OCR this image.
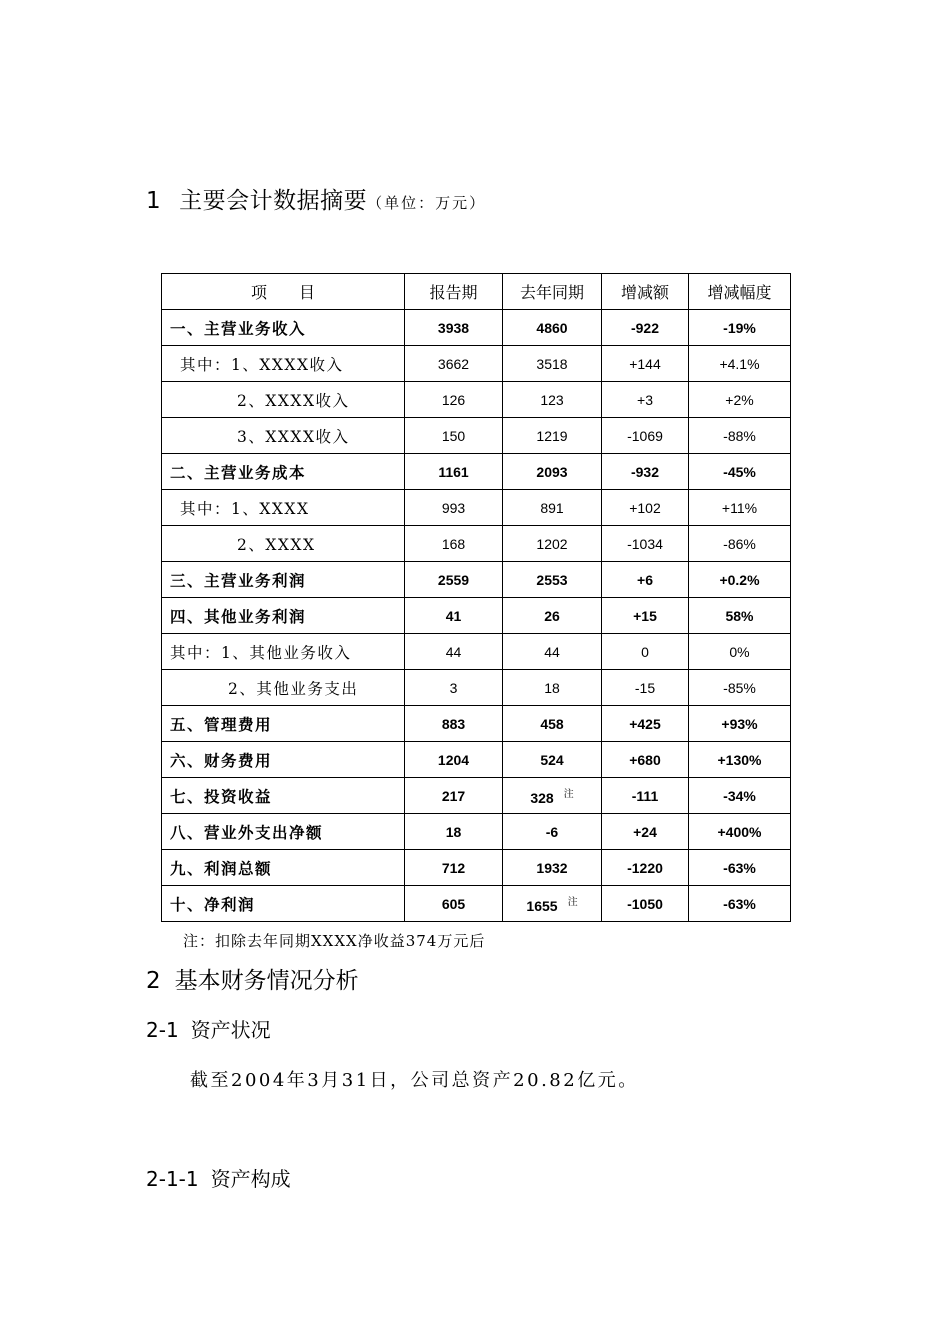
1 主要会计数据摘要（单位：万元）
项　　目	报告期	去年同期	增减额	增减幅度
一、主营业务收入	3938	4860	-922	-19%
其中：1、XXXX收入	3662	3518	+144	+4.1%
2、XXXX收入	126	123	+3	+2%
3、XXXX收入	150	1219	-1069	-88%
二、主营业务成本	1161	2093	-932	-45%
其中：1、XXXX	993	891	+102	+11%
2、XXXX	168	1202	-1034	-86%
三、主营业务利润	2559	2553	+6	+0.2%
四、其他业务利润	41	26	+15	58%
其中：1、其他业务收入	44	44	0	0%
2、其他业务支出	3	18	-15	-85%
五、管理费用	883	458	+425	+93%
六、财务费用	1204	524	+680	+130%
七、投资收益	217	328 $^注$	-111	-34%
八、营业外支出净额	18	-6	+24	+400%
九、利润总额	712	1932	-1220	-63%
十、净利润	605	1655 $^注$	-1050	-63%
注：扣除去年同期XXXX净收益374万元后
2 基本财务情况分析
2-1 资产状况
截至2004年3月31日，公司总资产20.82亿元。
2-1-1 资产构成
